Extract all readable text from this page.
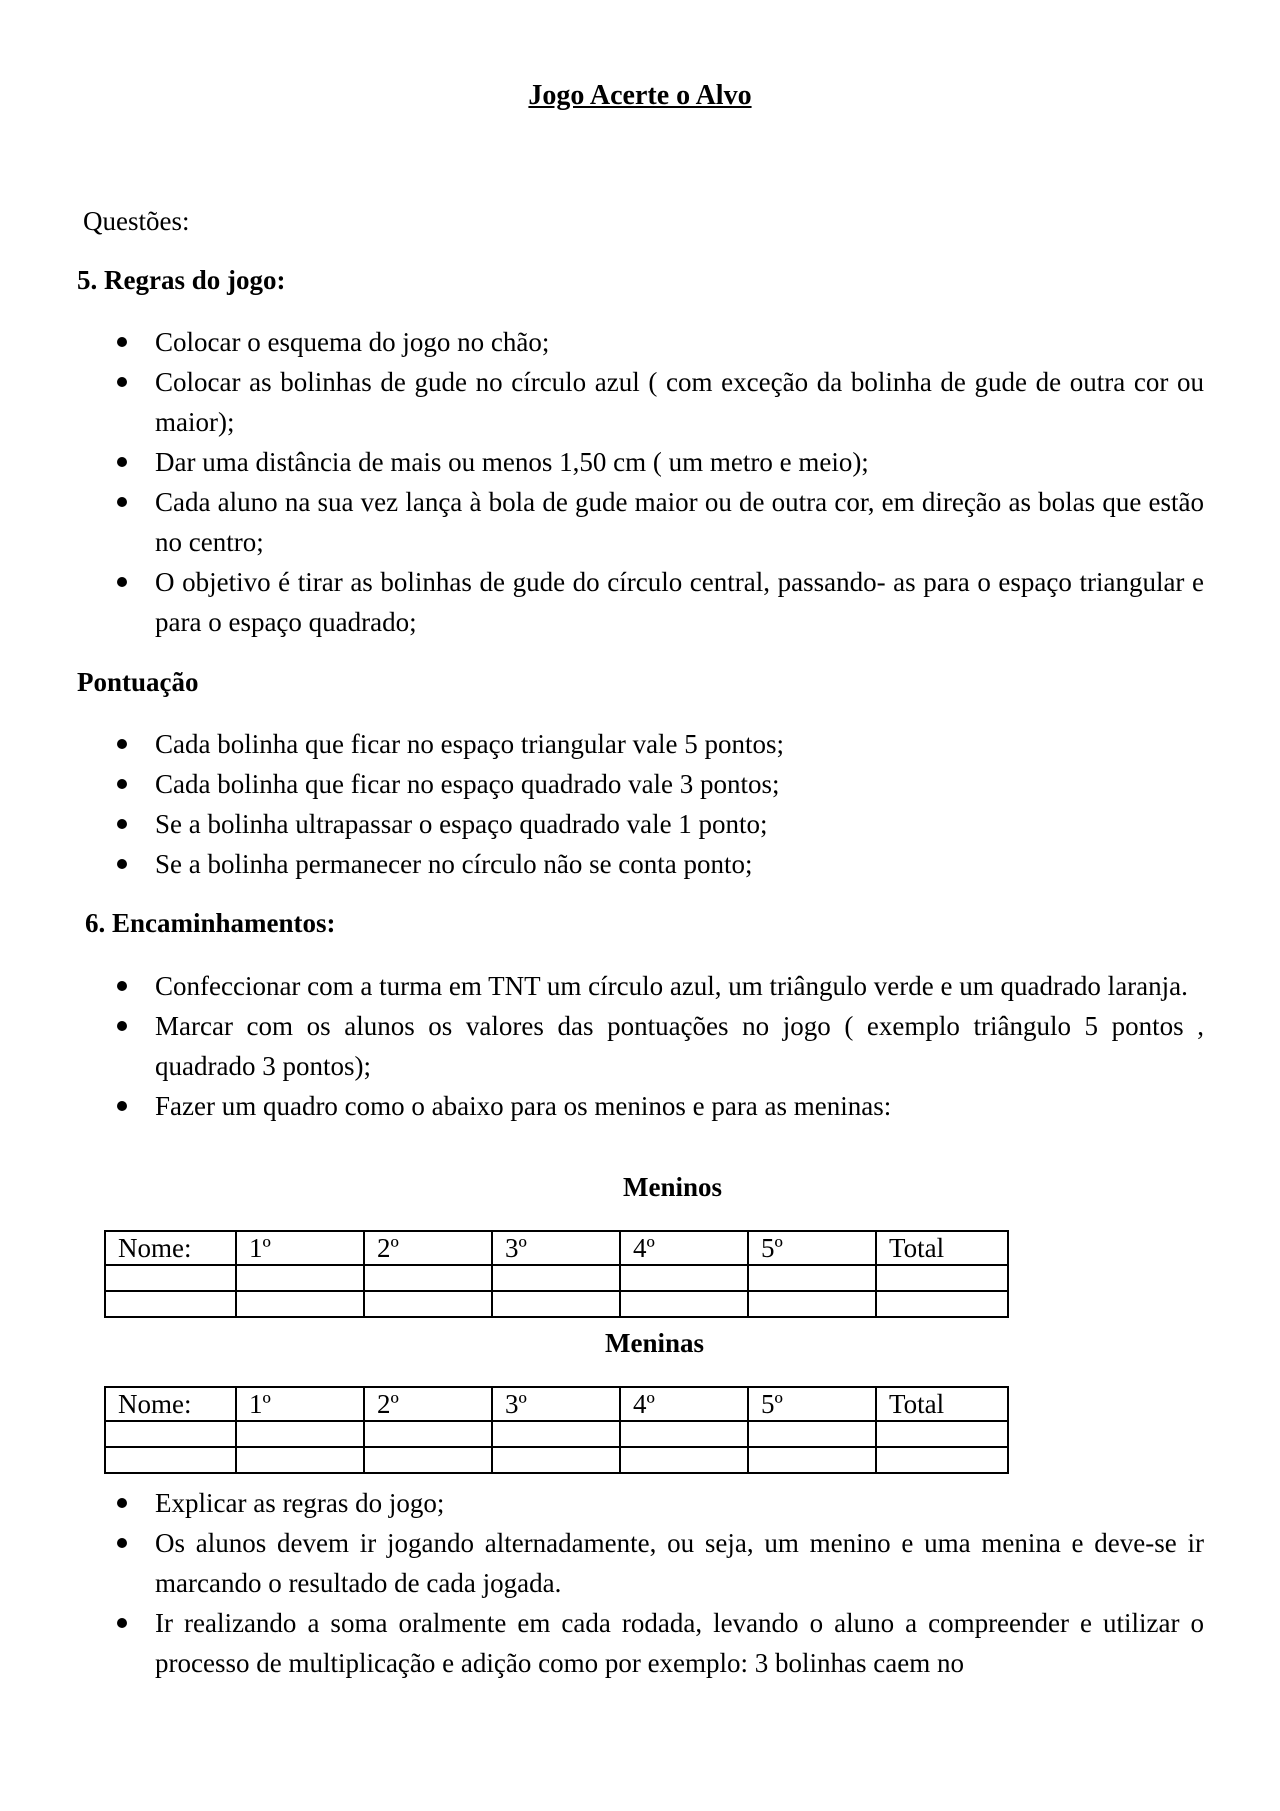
Jogo Acerte o Alvo
Questões:
5. Regras do jogo:
Colocar o esquema do jogo no chão;
Colocar as bolinhas de gude no círculo azul ( com exceção da bolinha de gude de outra cor ou maior);
Dar uma distância de mais ou menos 1,50 cm ( um metro e meio);
Cada aluno na sua vez lança à bola de gude maior ou de outra cor, em direção as bolas que estão no centro;
O objetivo é tirar as bolinhas de gude do círculo central, passando- as para o espaço triangular e para o espaço quadrado;
Pontuação
Cada bolinha que ficar no espaço triangular vale 5 pontos;
Cada bolinha que ficar no espaço quadrado vale 3 pontos;
Se a bolinha ultrapassar o espaço quadrado vale 1 ponto;
Se a bolinha permanecer no círculo não se conta ponto;
6. Encaminhamentos:
Confeccionar com a turma em TNT um círculo azul, um triângulo verde e um quadrado laranja.
Marcar com os alunos os valores das pontuações no jogo ( exemplo triângulo 5 pontos , quadrado 3 pontos);
Fazer um quadro como o abaixo para os meninos e para as meninas:
Meninos
Nome:	1º	2º	3º	4º	5º	Total

Meninas
Nome:	1º	2º	3º	4º	5º	Total

Explicar as regras do jogo;
Os alunos devem ir jogando alternadamente, ou seja, um menino e uma menina e deve-se ir marcando o resultado de cada jogada.
Ir realizando a soma oralmente em cada rodada, levando o aluno a compreender e utilizar o processo de multiplicação e adição como por exemplo: 3 bolinhas caem no
